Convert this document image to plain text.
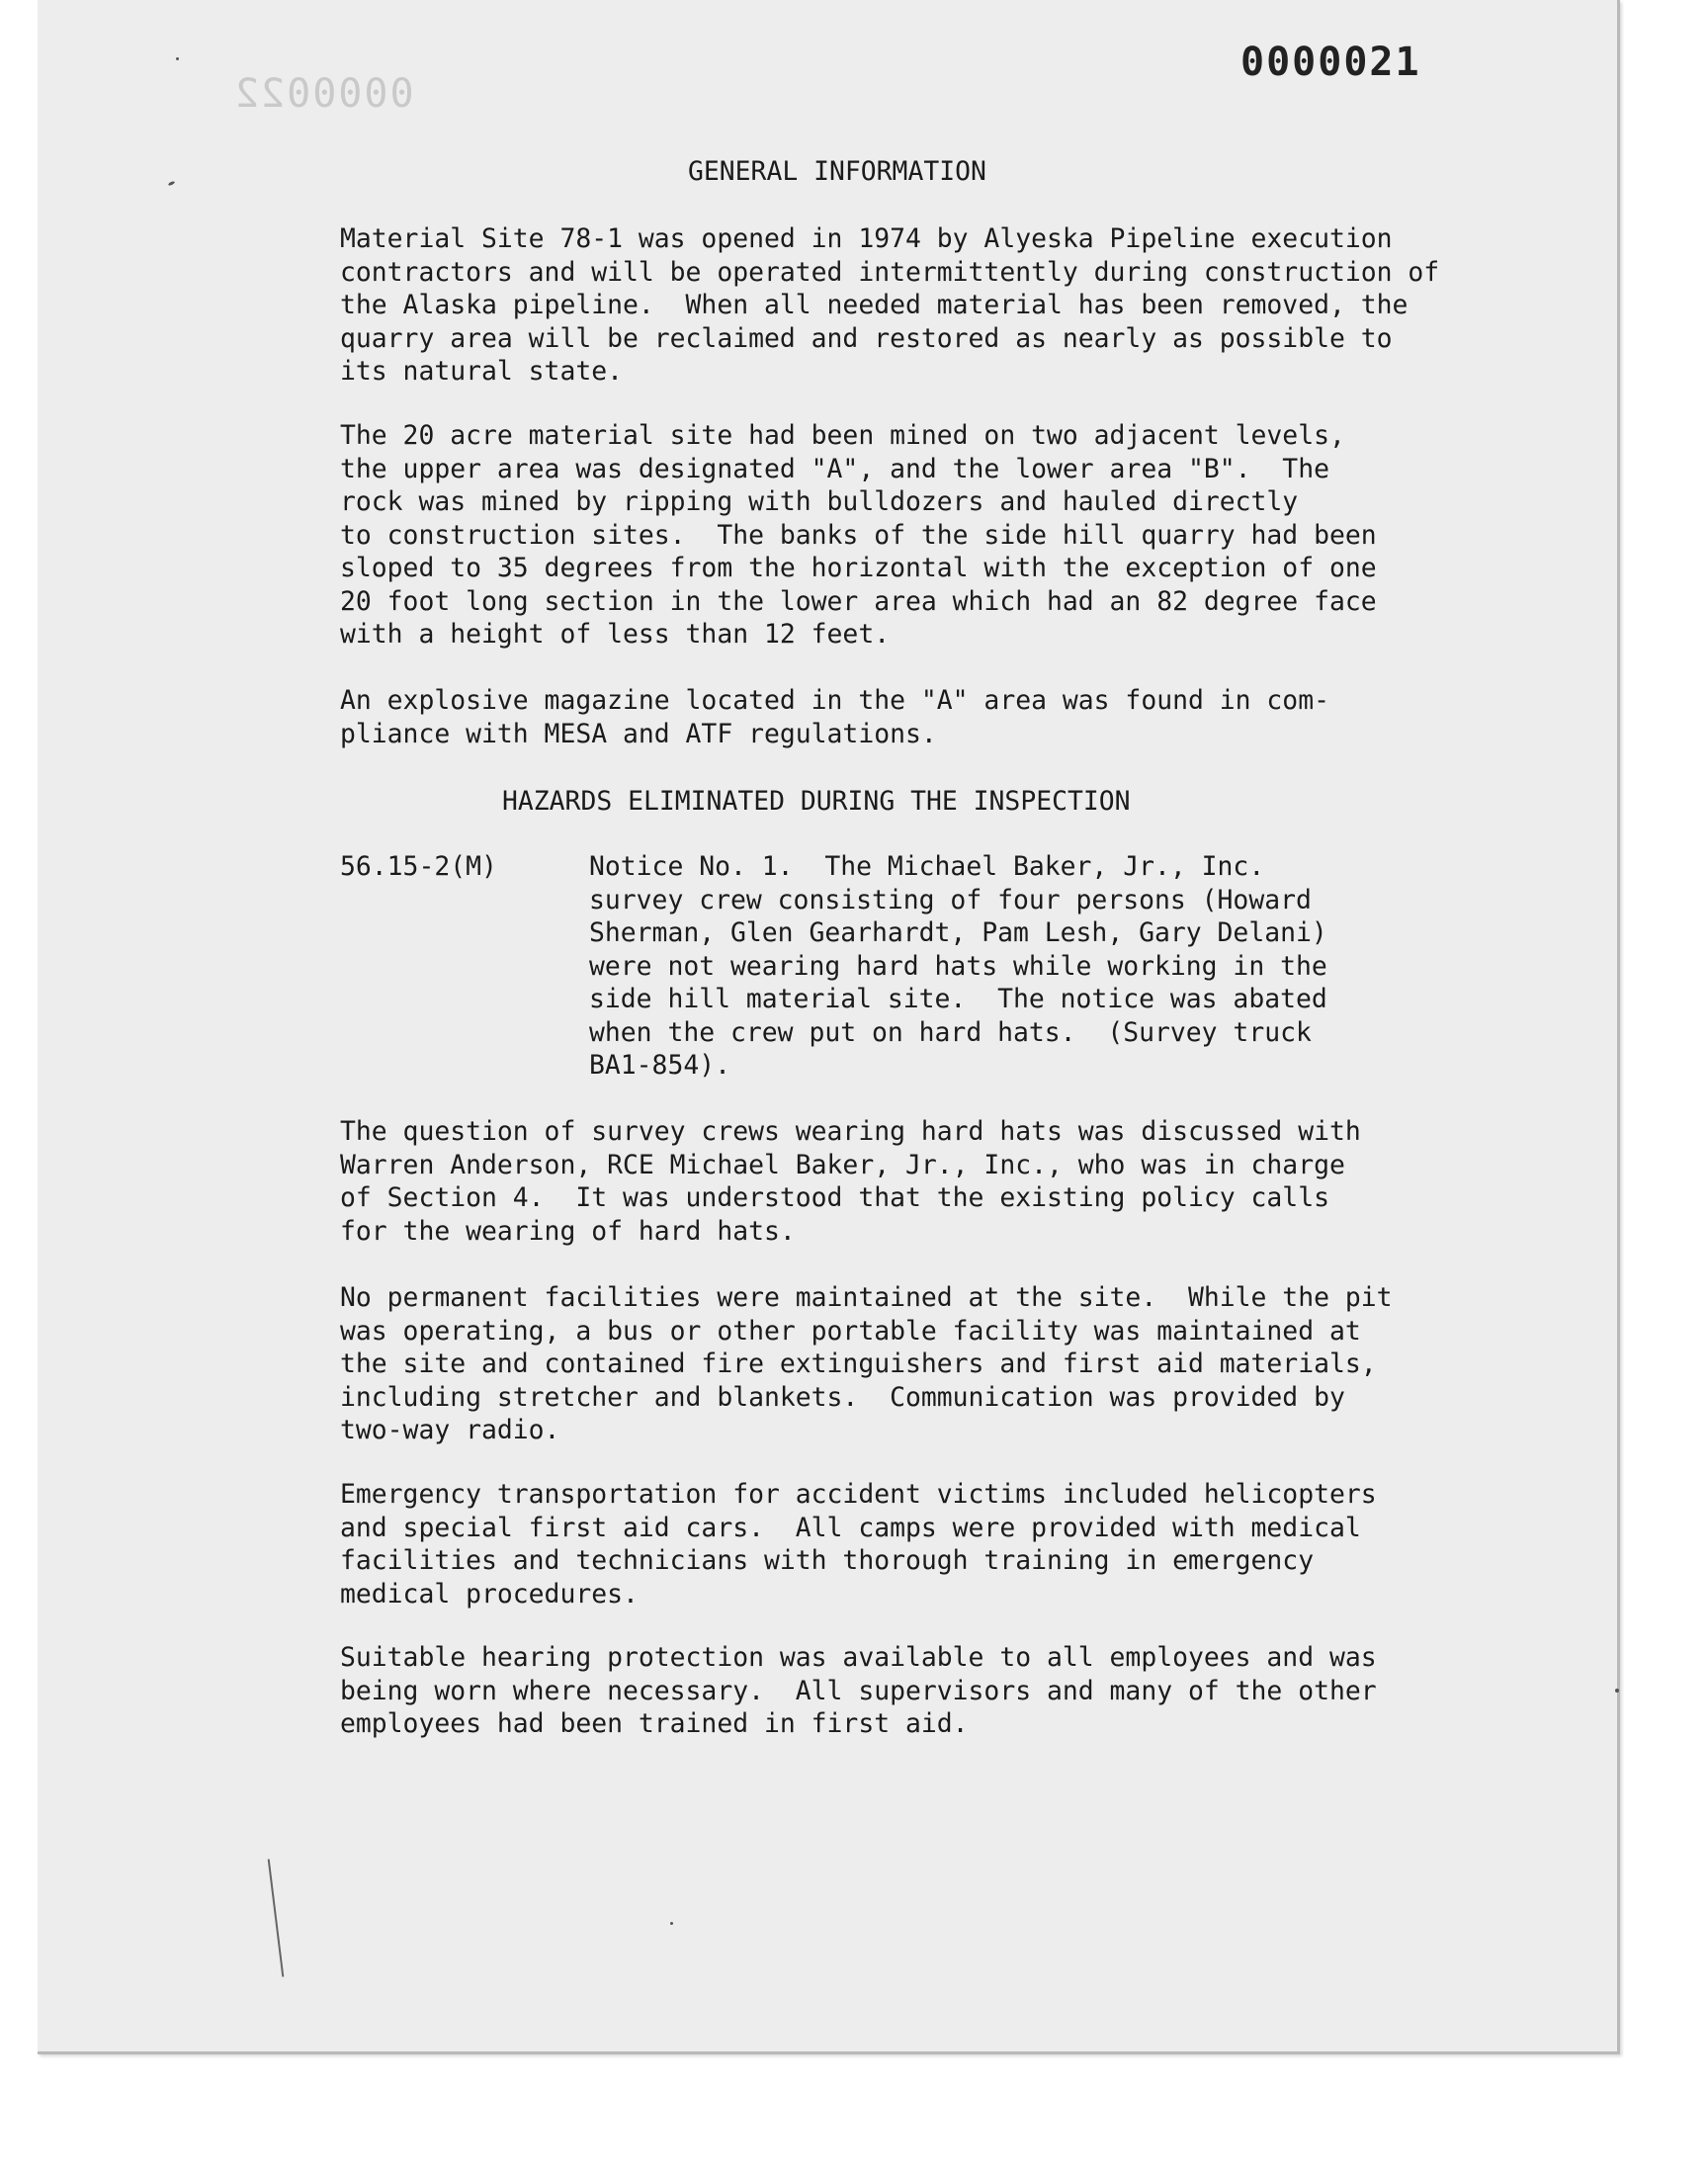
0000022
0000021
GENERAL INFORMATION

Material Site 78-1 was opened in 1974 by Alyeska Pipeline execution
contractors and will be operated intermittently during construction of
the Alaska pipeline.  When all needed material has been removed, the
quarry area will be reclaimed and restored as nearly as possible to
its natural state.

The 20 acre material site had been mined on two adjacent levels,
the upper area was designated "A", and the lower area "B".  The
rock was mined by ripping with bulldozers and hauled directly
to construction sites.  The banks of the side hill quarry had been
sloped to 35 degrees from the horizontal with the exception of one
20 foot long section in the lower area which had an 82 degree face
with a height of less than 12 feet.

An explosive magazine located in the "A" area was found in com-
pliance with MESA and ATF regulations.

HAZARDS ELIMINATED DURING THE INSPECTION

56.15-2(M)	Notice No. 1.  The Michael Baker, Jr., Inc.
survey crew consisting of four persons (Howard
Sherman, Glen Gearhardt, Pam Lesh, Gary Delani)
were not wearing hard hats while working in the
side hill material site.  The notice was abated
when the crew put on hard hats.  (Survey truck
BA1-854).

The question of survey crews wearing hard hats was discussed with
Warren Anderson, RCE Michael Baker, Jr., Inc., who was in charge
of Section 4.  It was understood that the existing policy calls
for the wearing of hard hats.

No permanent facilities were maintained at the site.  While the pit
was operating, a bus or other portable facility was maintained at
the site and contained fire extinguishers and first aid materials,
including stretcher and blankets.  Communication was provided by
two-way radio.

Emergency transportation for accident victims included helicopters
and special first aid cars.  All camps were provided with medical
facilities and technicians with thorough training in emergency
medical procedures.

Suitable hearing protection was available to all employees and was
being worn where necessary.  All supervisors and many of the other
employees had been trained in first aid.
